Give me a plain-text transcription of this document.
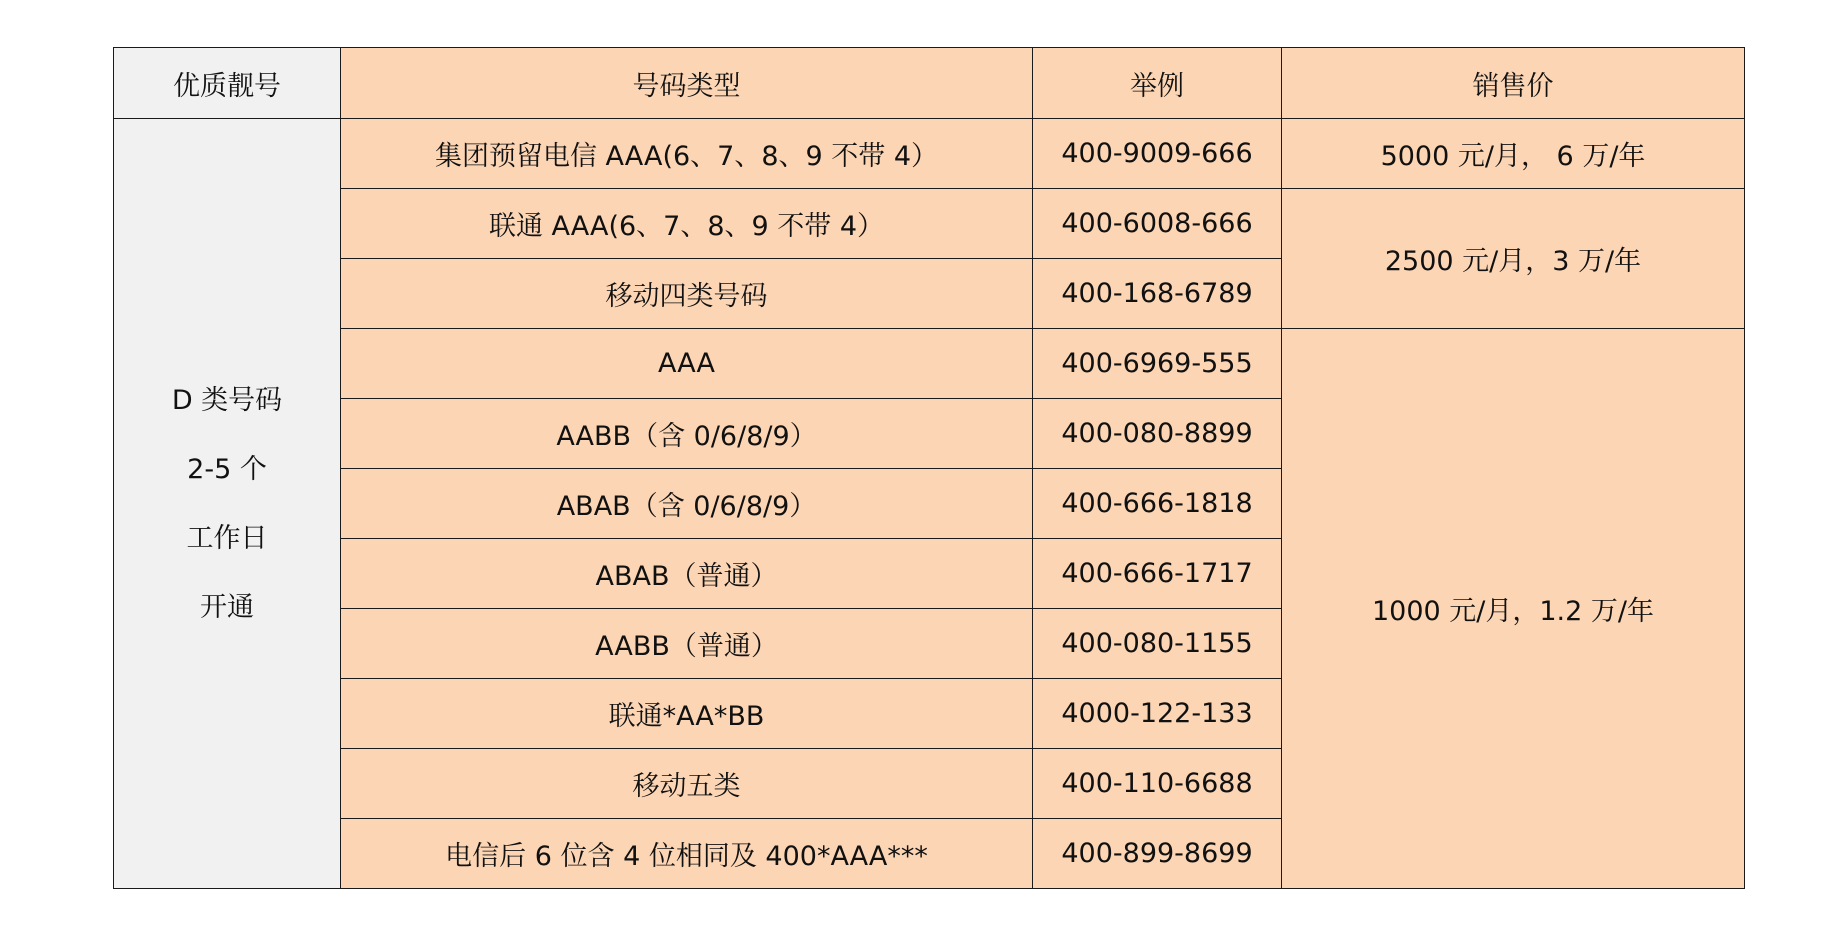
优质靓号	号码类型	举例	销售价

D 类号码
2-5 个
工作日
开通	集团预留电信 AAA(6、7、8、9 不带 4）	400-9009-666	5000 元/月， 6 万/年
	联通 AAA(6、7、8、9 不带 4）	400-6008-666	2500 元/月，3 万/年
	移动四类号码	400-168-6789	
	AAA	400-6969-555	1000 元/月，1.2 万/年
	AABB（含 0/6/8/9）	400-080-8899	
	ABAB（含 0/6/8/9）	400-666-1818	
	ABAB（普通）	400-666-1717	
	AABB（普通）	400-080-1155	
	联通*AA*BB	4000-122-133	
	移动五类	400-110-6688	
	电信后 6 位含 4 位相同及 400*AAA***	400-899-8699	
